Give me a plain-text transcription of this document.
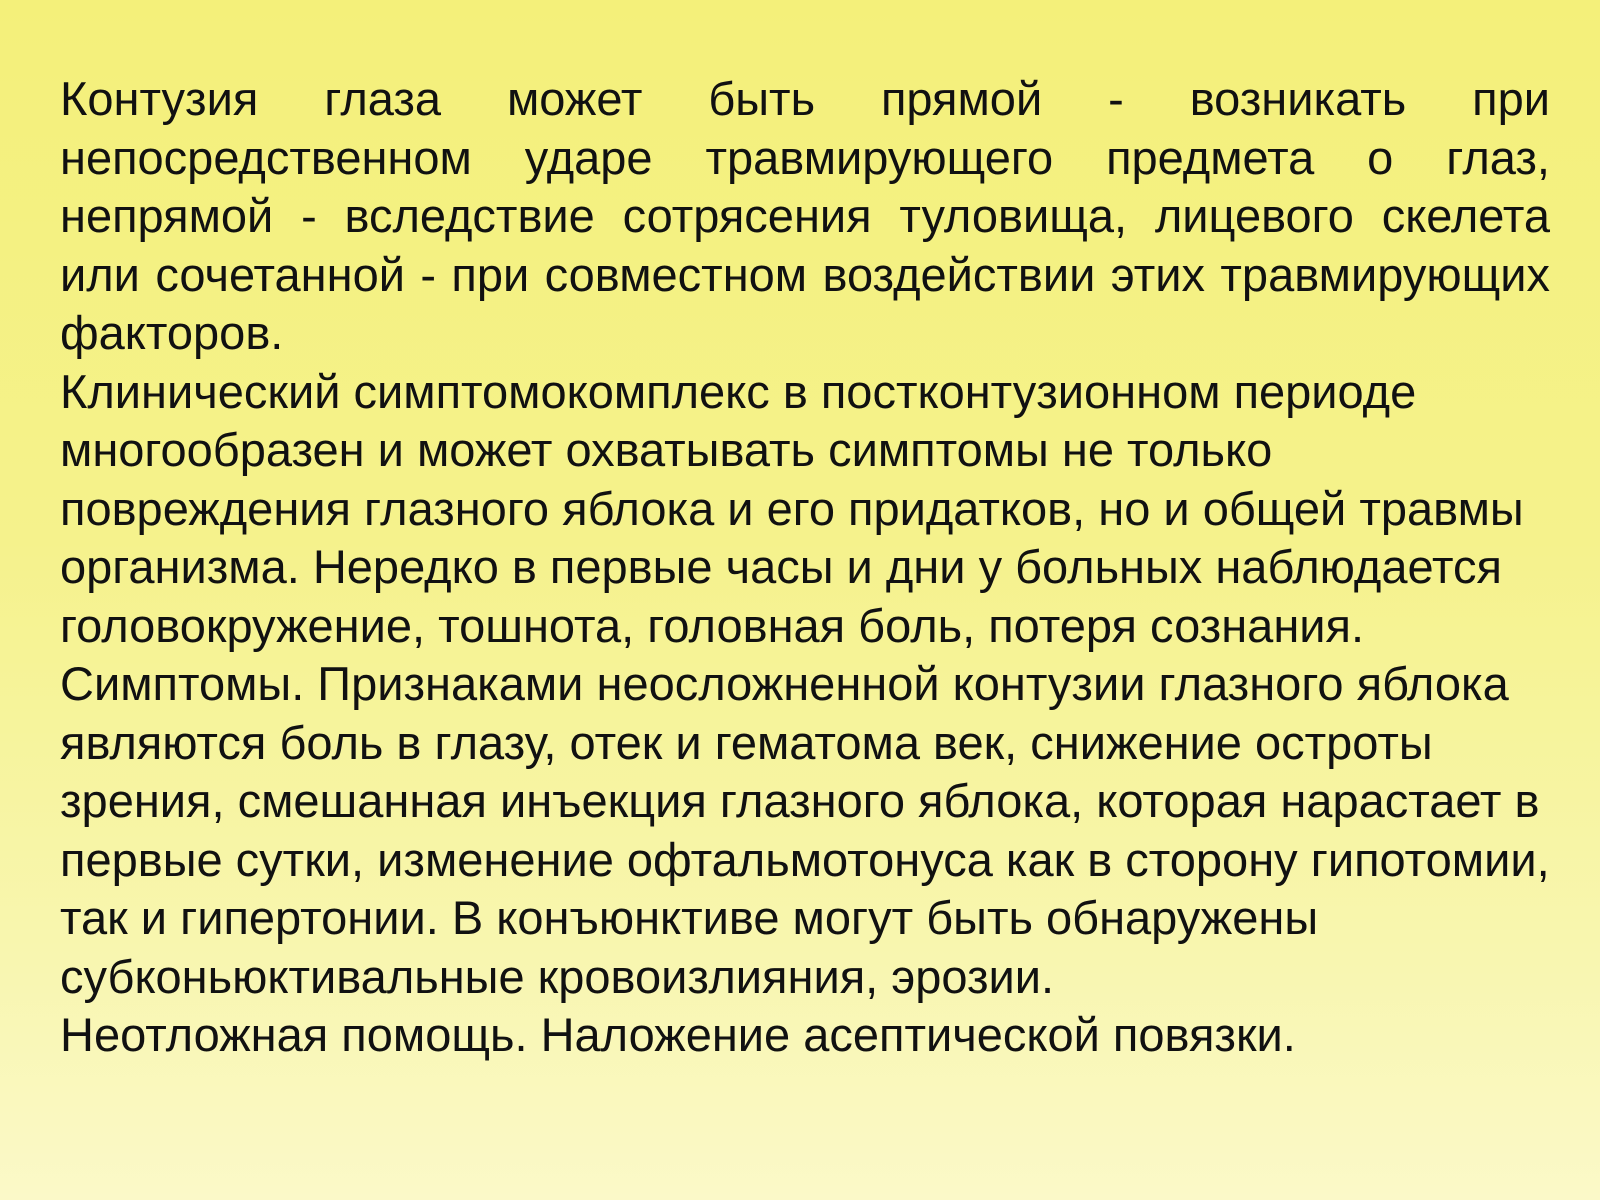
Контузия глаза может быть прямой - возникать при непосредственном ударе травмирующего предмета о глаз, непрямой - вследствие сотрясения туловища, лицевого скелета или сочетанной - при совместном воздействии этих травмирующих факторов.

Клинический симптомокомплекс в постконтузионном периоде многообразен и может охватывать симптомы не только повреждения глазного яблока и его придатков, но и общей травмы организма. Нередко в первые часы и дни у больных наблюдается головокружение, тошнота, головная боль, потеря сознания.

Симптомы. Признаками неосложненной контузии глазного яблока являются боль в глазу, отек и гематома век, снижение остроты зрения, смешанная инъекция глазного яблока, которая нарастает в первые сутки, изменение офтальмотонуса как в сторону гипотомии, так и гипертонии. В конъюнктиве могут быть обнаружены субконьюктивальные кровоизлияния, эрозии.

Неотложная помощь. Наложение асептической повязки.
